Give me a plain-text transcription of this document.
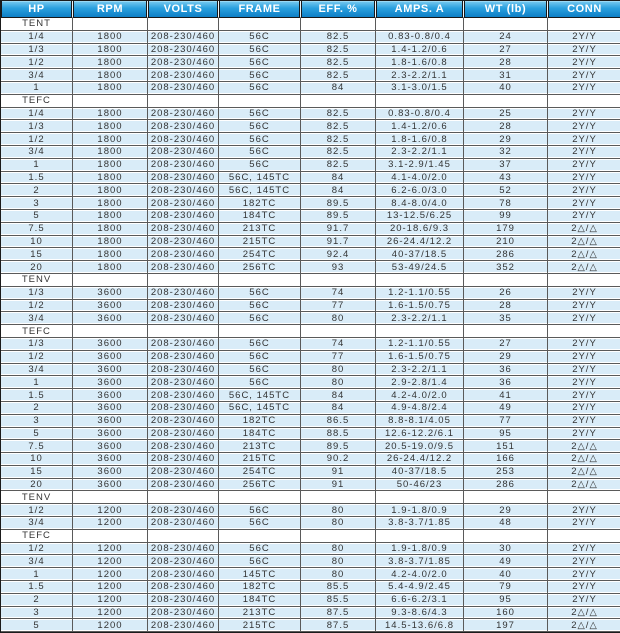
HP	RPM	VOLTS	FRAME	EFF. %	AMPS. A	WT (lb)	CONN
TENT							
1/4	1800	208-230/460	56C	82.5	0.83-0.8/0.4	24	2Y/Y
1/3	1800	208-230/460	56C	82.5	1.4-1.2/0.6	27	2Y/Y
1/2	1800	208-230/460	56C	82.5	1.8-1.6/0.8	28	2Y/Y
3/4	1800	208-230/460	56C	82.5	2.3-2.2/1.1	31	2Y/Y
1	1800	208-230/460	56C	84	3.1-3.0/1.5	40	2Y/Y
TEFC							
1/4	1800	208-230/460	56C	82.5	0.83-0.8/0.4	25	2Y/Y
1/3	1800	208-230/460	56C	82.5	1.4-1.2/0.6	28	2Y/Y
1/2	1800	208-230/460	56C	82.5	1.8-1.6/0.8	29	2Y/Y
3/4	1800	208-230/460	56C	82.5	2.3-2.2/1.1	32	2Y/Y
1	1800	208-230/460	56C	82.5	3.1-2.9/1.45	37	2Y/Y
1.5	1800	208-230/460	56C, 145TC	84	4.1-4.0/2.0	43	2Y/Y
2	1800	208-230/460	56C, 145TC	84	6.2-6.0/3.0	52	2Y/Y
3	1800	208-230/460	182TC	89.5	8.4-8.0/4.0	78	2Y/Y
5	1800	208-230/460	184TC	89.5	13-12.5/6.25	99	2Y/Y
7.5	1800	208-230/460	213TC	91.7	20-18.6/9.3	179	2△/△
10	1800	208-230/460	215TC	91.7	26-24.4/12.2	210	2△/△
15	1800	208-230/460	254TC	92.4	40-37/18.5	286	2△/△
20	1800	208-230/460	256TC	93	53-49/24.5	352	2△/△
TENV							
1/3	3600	208-230/460	56C	74	1.2-1.1/0.55	26	2Y/Y
1/2	3600	208-230/460	56C	77	1.6-1.5/0.75	28	2Y/Y
3/4	3600	208-230/460	56C	80	2.3-2.2/1.1	35	2Y/Y
TEFC							
1/3	3600	208-230/460	56C	74	1.2-1.1/0.55	27	2Y/Y
1/2	3600	208-230/460	56C	77	1.6-1.5/0.75	29	2Y/Y
3/4	3600	208-230/460	56C	80	2.3-2.2/1.1	36	2Y/Y
1	3600	208-230/460	56C	80	2.9-2.8/1.4	36	2Y/Y
1.5	3600	208-230/460	56C, 145TC	84	4.2-4.0/2.0	41	2Y/Y
2	3600	208-230/460	56C, 145TC	84	4.9-4.8/2.4	49	2Y/Y
3	3600	208-230/460	182TC	86.5	8.8-8.1/4.05	77	2Y/Y
5	3600	208-230/460	184TC	88.5	12.6-12.2/6.1	95	2Y/Y
7.5	3600	208-230/460	213TC	89.5	20.5-19.0/9.5	151	2△/△
10	3600	208-230/460	215TC	90.2	26-24.4/12.2	166	2△/△
15	3600	208-230/460	254TC	91	40-37/18.5	253	2△/△
20	3600	208-230/460	256TC	91	50-46/23	286	2△/△
TENV							
1/2	1200	208-230/460	56C	80	1.9-1.8/0.9	29	2Y/Y
3/4	1200	208-230/460	56C	80	3.8-3.7/1.85	48	2Y/Y
TEFC							
1/2	1200	208-230/460	56C	80	1.9-1.8/0.9	30	2Y/Y
3/4	1200	208-230/460	56C	80	3.8-3.7/1.85	49	2Y/Y
1	1200	208-230/460	145TC	80	4.2-4.0/2.0	40	2Y/Y
1.5	1200	208-230/460	182TC	85.5	5.4-4.9/2.45	79	2Y/Y
2	1200	208-230/460	184TC	85.5	6.6-6.2/3.1	95	2Y/Y
3	1200	208-230/460	213TC	87.5	9.3-8.6/4.3	160	2△/△
5	1200	208-230/460	215TC	87.5	14.5-13.6/6.8	197	2△/△
